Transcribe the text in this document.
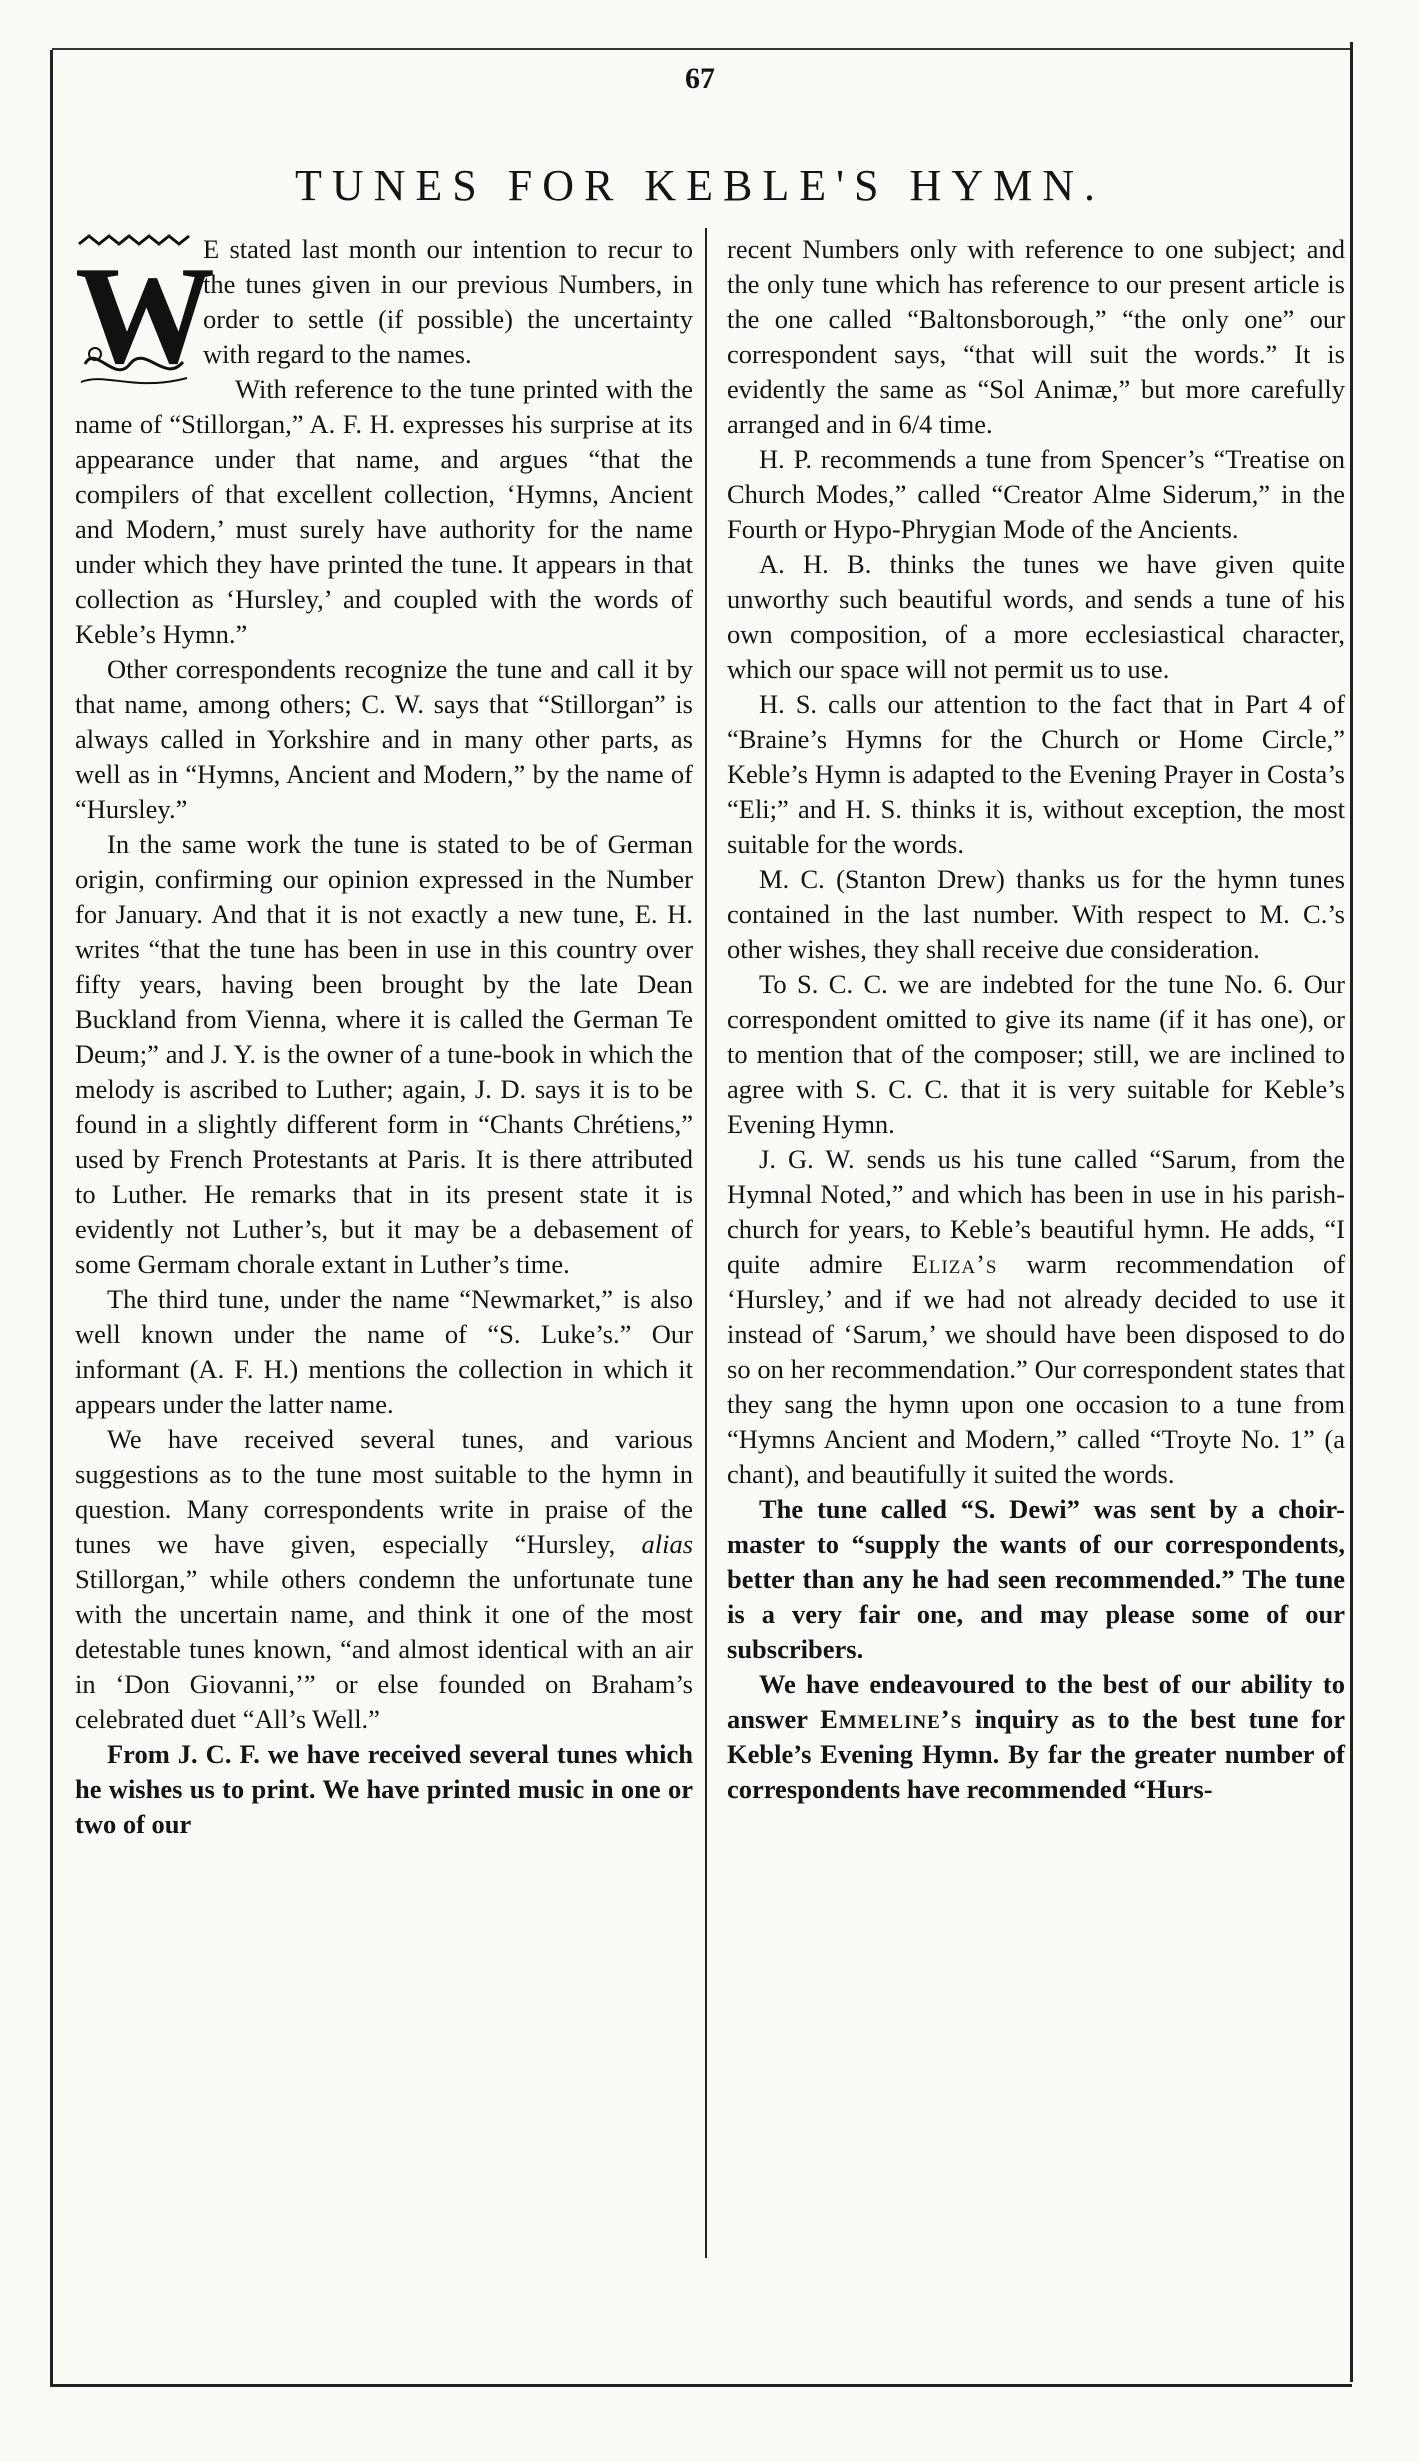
67
TUNES FOR KEBLE'S HYMN.
W

E stated last month our intention to recur to the tunes given in our previous Numbers, in order to settle (if possible) the uncertainty with regard to the names.

With reference to the tune printed with the name of “Stillorgan,” A. F. H. expresses his surprise at its appearance under that name, and argues “that the compilers of that excellent collection, ‘Hymns, Ancient and Modern,’ must surely have authority for the name under which they have printed the tune. It appears in that collection as ‘Hursley,’ and coupled with the words of Keble’s Hymn.”

Other correspondents recognize the tune and call it by that name, among others; C. W. says that “Stillorgan” is always called in Yorkshire and in many other parts, as well as in “Hymns, Ancient and Modern,” by the name of “Hursley.”

In the same work the tune is stated to be of German origin, confirming our opinion expressed in the Number for January. And that it is not exactly a new tune, E. H. writes “that the tune has been in use in this country over fifty years, having been brought by the late Dean Buckland from Vienna, where it is called the German Te Deum;” and J. Y. is the owner of a tune-book in which the melody is ascribed to Luther; again, J. D. says it is to be found in a slightly different form in “Chants Chrétiens,” used by French Protestants at Paris. It is there attributed to Luther. He remarks that in its present state it is evidently not Luther’s, but it may be a debasement of some Germam chorale extant in Luther’s time.

The third tune, under the name “Newmarket,” is also well known under the name of “S. Luke’s.” Our informant (A. F. H.) mentions the collection in which it appears under the latter name.

We have received several tunes, and various suggestions as to the tune most suitable to the hymn in question. Many correspondents write in praise of the tunes we have given, especially “Hursley, alias Stillorgan,” while others condemn the unfortunate tune with the uncertain name, and think it one of the most detestable tunes known, “and almost identical with an air in ‘Don Giovanni,’” or else founded on Braham’s celebrated duet “All’s Well.”

From J. C. F. we have received several tunes which he wishes us to print. We have printed music in one or two of our

recent Numbers only with reference to one subject; and the only tune which has reference to our present article is the one called “Baltonsborough,” “the only one” our correspondent says, “that will suit the words.” It is evidently the same as “Sol Animæ,” but more carefully arranged and in 6/4 time.

H. P. recommends a tune from Spencer’s “Treatise on Church Modes,” called “Creator Alme Siderum,” in the Fourth or Hypo-Phrygian Mode of the Ancients.

A. H. B. thinks the tunes we have given quite unworthy such beautiful words, and sends a tune of his own composition, of a more ecclesiastical character, which our space will not permit us to use.

H. S. calls our attention to the fact that in Part 4 of “Braine’s Hymns for the Church or Home Circle,” Keble’s Hymn is adapted to the Evening Prayer in Costa’s “Eli;” and H. S. thinks it is, without exception, the most suitable for the words.

M. C. (Stanton Drew) thanks us for the hymn tunes contained in the last number. With respect to M. C.’s other wishes, they shall receive due consideration.

To S. C. C. we are indebted for the tune No. 6. Our correspondent omitted to give its name (if it has one), or to mention that of the composer; still, we are inclined to agree with S. C. C. that it is very suitable for Keble’s Evening Hymn.

J. G. W. sends us his tune called “Sarum, from the Hymnal Noted,” and which has been in use in his parish-church for years, to Keble’s beautiful hymn. He adds, “I quite admire Eliza’s warm recommendation of ‘Hursley,’ and if we had not already decided to use it instead of ‘Sarum,’ we should have been disposed to do so on her recommendation.” Our correspondent states that they sang the hymn upon one occasion to a tune from “Hymns Ancient and Modern,” called “Troyte No. 1” (a chant), and beautifully it suited the words.

The tune called “S. Dewi” was sent by a choir-master to “supply the wants of our correspondents, better than any he had seen recommended.” The tune is a very fair one, and may please some of our subscribers.

We have endeavoured to the best of our ability to answer Emmeline’s inquiry as to the best tune for Keble’s Evening Hymn. By far the greater number of correspondents have recommended “Hurs-
